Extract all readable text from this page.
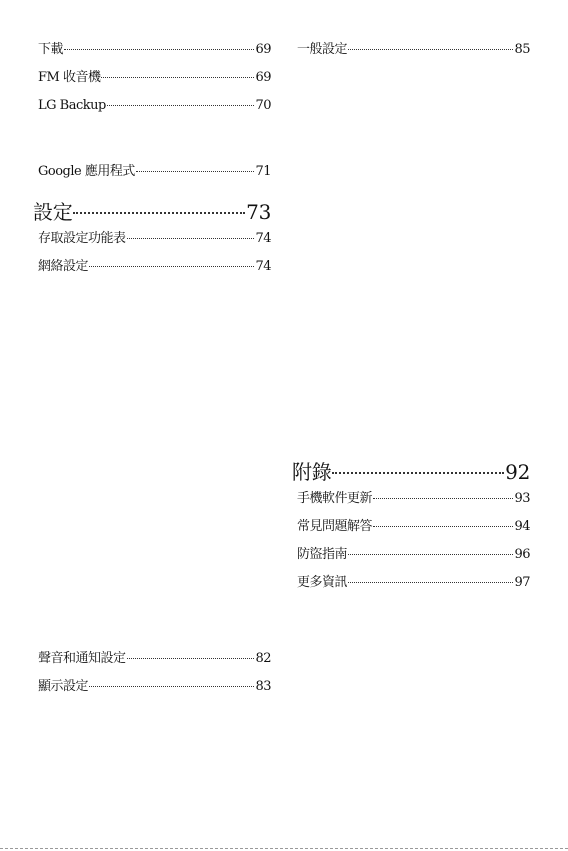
下載	69
FM 收音機	69
LG Backup	70
Google 應用程式	71
設定	73
存取設定功能表	74
網絡設定	74
聲音和通知設定	82
顯示設定	83
一般設定	85
附錄	92
手機軟件更新	93
常見問題解答	94
防盜指南	96
更多資訊	97
